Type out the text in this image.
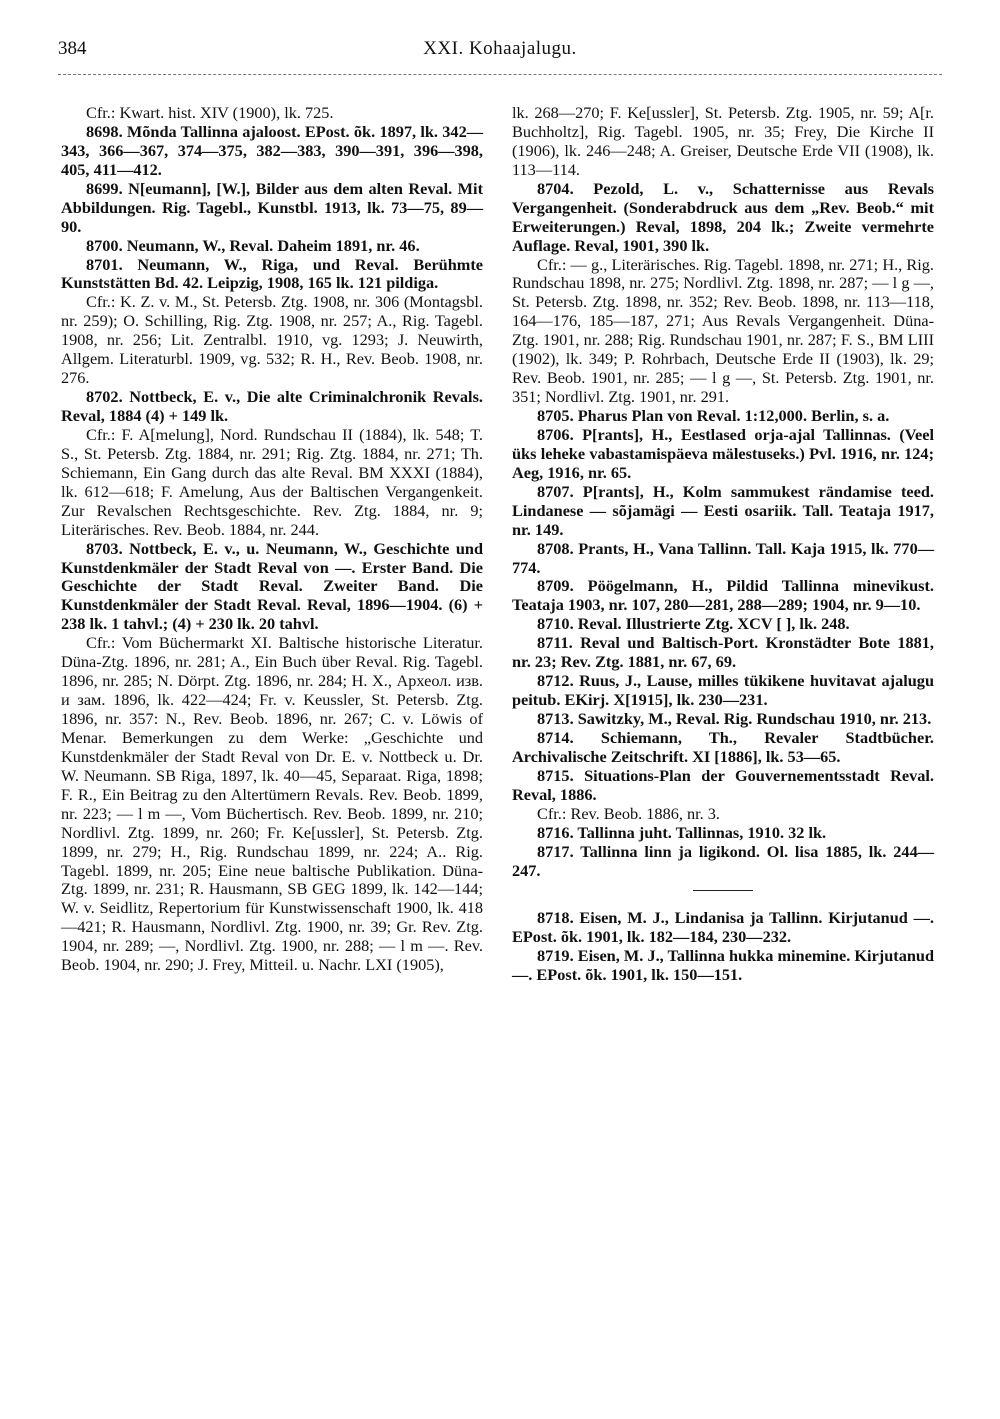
384	XXI. Kohaajalugu.

Cfr.: Kwart. hist. XIV (1900), lk. 725.

8698. Mõnda Tallinna ajaloost. EPost. õk. 1897, lk. 342—343, 366—367, 374—375, 382—383, 390—391, 396—398, 405, 411—412.

8699. N[eumann], [W.], Bilder aus dem alten Reval. Mit Abbildungen. Rig. Tagebl., Kunstbl. 1913, lk. 73—75, 89—90.

8700. Neumann, W., Reval. Daheim 1891, nr. 46.

8701. Neumann, W., Riga, und Reval. Berühmte Kunststätten Bd. 42. Leipzig, 1908, 165 lk. 121 pildiga.

Cfr.: K. Z. v. M., St. Petersb. Ztg. 1908, nr. 306 (Montagsbl. nr. 259); O. Schilling, Rig. Ztg. 1908, nr. 257; A., Rig. Tagebl. 1908, nr. 256; Lit. Zentralbl. 1910, vg. 1293; J. Neuwirth, Allgem. Literaturbl. 1909, vg. 532; R. H., Rev. Beob. 1908, nr. 276.

8702. Nottbeck, E. v., Die alte Criminalchronik Revals. Reval, 1884 (4) + 149 lk.

Cfr.: F. A[melung], Nord. Rundschau II (1884), lk. 548; T. S., St. Petersb. Ztg. 1884, nr. 291; Rig. Ztg. 1884, nr. 271; Th. Schiemann, Ein Gang durch das alte Reval. BM XXXI (1884), lk. 612—618; F. Amelung, Aus der Baltischen Vergangenkeit. Zur Revalschen Rechtsgeschichte. Rev. Ztg. 1884, nr. 9; Literärisches. Rev. Beob. 1884, nr. 244.

8703. Nottbeck, E. v., u. Neumann, W., Geschichte und Kunstdenkmäler der Stadt Reval von —. Erster Band. Die Geschichte der Stadt Reval. Zweiter Band. Die Kunstdenkmäler der Stadt Reval. Reval, 1896—1904. (6) + 238 lk. 1 tahvl.; (4) + 230 lk. 20 tahvl.

Cfr.: Vom Büchermarkt XI. Baltische historische Literatur. Düna-Ztg. 1896, nr. 281; A., Ein Buch über Reval. Rig. Tagebl. 1896, nr. 285; N. Dörpt. Ztg. 1896, nr. 284; H. X., Археол. изв. и зам. 1896, lk. 422—424; Fr. v. Keussler, St. Petersb. Ztg. 1896, nr. 357: N., Rev. Beob. 1896, nr. 267; C. v. Löwis of Menar. Bemerkungen zu dem Werke: „Geschichte und Kunstdenkmäler der Stadt Reval von Dr. E. v. Nottbeck u. Dr. W. Neumann. SB Riga, 1897, lk. 40—45, Separaat. Riga, 1898; F. R., Ein Beitrag zu den Altertümern Revals. Rev. Beob. 1899, nr. 223; — l m —, Vom Büchertisch. Rev. Beob. 1899, nr. 210; Nordlivl. Ztg. 1899, nr. 260; Fr. Ke[ussler], St. Petersb. Ztg. 1899, nr. 279; H., Rig. Rundschau 1899, nr. 224; A.. Rig. Tagebl. 1899, nr. 205; Eine neue baltische Publikation. Düna-Ztg. 1899, nr. 231; R. Hausmann, SB GEG 1899, lk. 142—144; W. v. Seidlitz, Repertorium für Kunstwissenschaft 1900, lk. 418—421; R. Hausmann, Nordlivl. Ztg. 1900, nr. 39; Gr. Rev. Ztg. 1904, nr. 289; —, Nordlivl. Ztg. 1900, nr. 288; — l m —. Rev. Beob. 1904, nr. 290; J. Frey, Mitteil. u. Nachr. LXI (1905),

lk. 268—270; F. Ke[ussler], St. Petersb. Ztg. 1905, nr. 59; A[r. Buchholtz], Rig. Tagebl. 1905, nr. 35; Frey, Die Kirche II (1906), lk. 246—248; A. Greiser, Deutsche Erde VII (1908), lk. 113—114.

8704. Pezold, L. v., Schatternisse aus Revals Vergangenheit. (Sonderabdruck aus dem „Rev. Beob.“ mit Erweiterungen.) Reval, 1898, 204 lk.; Zweite vermehrte Auflage. Reval, 1901, 390 lk.

Cfr.: — g., Literärisches. Rig. Tagebl. 1898, nr. 271; H., Rig. Rundschau 1898, nr. 275; Nordlivl. Ztg. 1898, nr. 287; — l g —, St. Petersb. Ztg. 1898, nr. 352; Rev. Beob. 1898, nr. 113—118, 164—176, 185—187, 271; Aus Revals Vergangenheit. Düna-Ztg. 1901, nr. 288; Rig. Rundschau 1901, nr. 287; F. S., BM LIII (1902), lk. 349; P. Rohrbach, Deutsche Erde II (1903), lk. 29; Rev. Beob. 1901, nr. 285; — l g —, St. Petersb. Ztg. 1901, nr. 351; Nordlivl. Ztg. 1901, nr. 291.

8705. Pharus Plan von Reval. 1:12,000. Berlin, s. a.

8706. P[rants], H., Eestlased orja-ajal Tallinnas. (Veel üks leheke vabastamispäeva mälestuseks.) Pvl. 1916, nr. 124; Aeg, 1916, nr. 65.

8707. P[rants], H., Kolm sammukest rändamise teed. Lindanese — sõjamägi — Eesti osariik. Tall. Teataja 1917, nr. 149.

8708. Prants, H., Vana Tallinn. Tall. Kaja 1915, lk. 770—774.

8709. Pöögelmann, H., Pildid Tallinna minevikust. Teataja 1903, nr. 107, 280—281, 288—289; 1904, nr. 9—10.

8710. Reval. Illustrierte Ztg. XCV [ ], lk. 248.

8711. Reval und Baltisch-Port. Kronstädter Bote 1881, nr. 23; Rev. Ztg. 1881, nr. 67, 69.

8712. Ruus, J., Lause, milles tükikene huvitavat ajalugu peitub. EKirj. X[1915], lk. 230—231.

8713. Sawitzky, M., Reval. Rig. Rundschau 1910, nr. 213.

8714. Schiemann, Th., Revaler Stadtbücher. Archivalische Zeitschrift. XI [1886], lk. 53—65.

8715. Situations-Plan der Gouvernementsstadt Reval. Reval, 1886.

Cfr.: Rev. Beob. 1886, nr. 3.

8716. Tallinna juht. Tallinnas, 1910. 32 lk.

8717. Tallinna linn ja ligikond. Ol. lisa 1885, lk. 244—247.

8718. Eisen, M. J., Lindanisa ja Tallinn. Kirjutanud —. EPost. õk. 1901, lk. 182—184, 230—232.

8719. Eisen, M. J., Tallinna hukka minemine. Kirjutanud —. EPost. õk. 1901, lk. 150—151.
